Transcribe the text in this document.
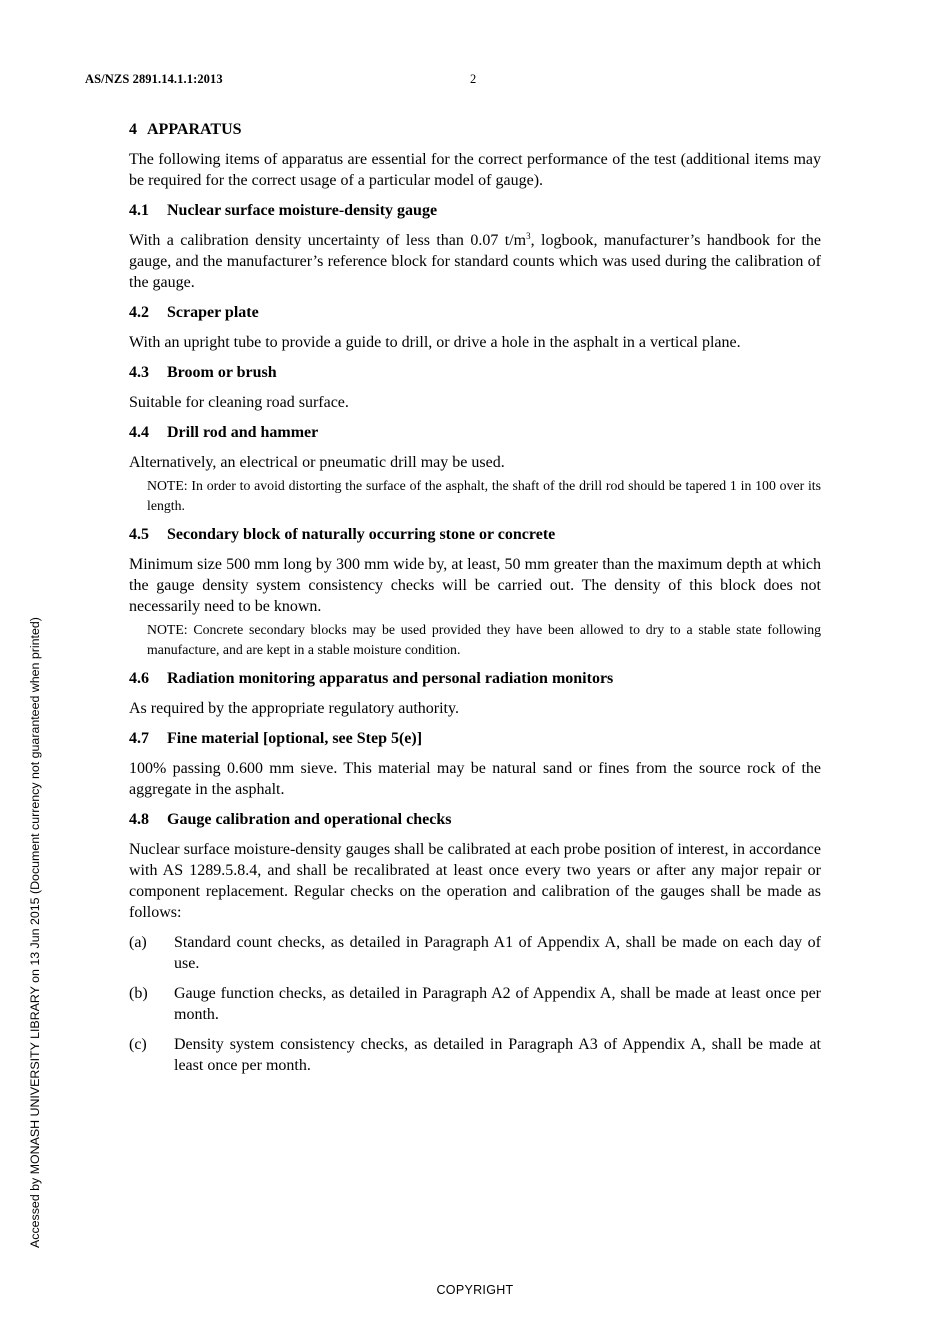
AS/NZS 2891.14.1.1:2013	2
Accessed by MONASH UNIVERSITY LIBRARY on 13 Jun 2015 (Document currency not guaranteed when printed)
4 APPARATUS

The following items of apparatus are essential for the correct performance of the test (additional items may be required for the correct usage of a particular model of gauge).

4.1 Nuclear surface moisture-density gauge

With a calibration density uncertainty of less than 0.07 $t/m^3$, logbook, manufacturer’s handbook for the gauge, and the manufacturer’s reference block for standard counts which was used during the calibration of the gauge.

4.2 Scraper plate

With an upright tube to provide a guide to drill, or drive a hole in the asphalt in a vertical plane.

4.3 Broom or brush

Suitable for cleaning road surface.

4.4 Drill rod and hammer

Alternatively, an electrical or pneumatic drill may be used.

NOTE: In order to avoid distorting the surface of the asphalt, the shaft of the drill rod should be tapered 1 in 100 over its length.

4.5 Secondary block of naturally occurring stone or concrete

Minimum size 500 mm long by 300 mm wide by, at least, 50 mm greater than the maximum depth at which the gauge density system consistency checks will be carried out. The density of this block does not necessarily need to be known.

NOTE: Concrete secondary blocks may be used provided they have been allowed to dry to a stable state following manufacture, and are kept in a stable moisture condition.

4.6 Radiation monitoring apparatus and personal radiation monitors

As required by the appropriate regulatory authority.

4.7 Fine material [optional, see Step 5(e)]

100% passing 0.600 mm sieve. This material may be natural sand or fines from the source rock of the aggregate in the asphalt.

4.8 Gauge calibration and operational checks

Nuclear surface moisture-density gauges shall be calibrated at each probe position of interest, in accordance with AS 1289.5.8.4, and shall be recalibrated at least once every two years or after any major repair or component replacement. Regular checks on the operation and calibration of the gauges shall be made as follows:

(a)	Standard count checks, as detailed in Paragraph A1 of Appendix A, shall be made on each day of use.
(b)	Gauge function checks, as detailed in Paragraph A2 of Appendix A, shall be made at least once per month.
(c)	Density system consistency checks, as detailed in Paragraph A3 of Appendix A, shall be made at least once per month.
COPYRIGHT
